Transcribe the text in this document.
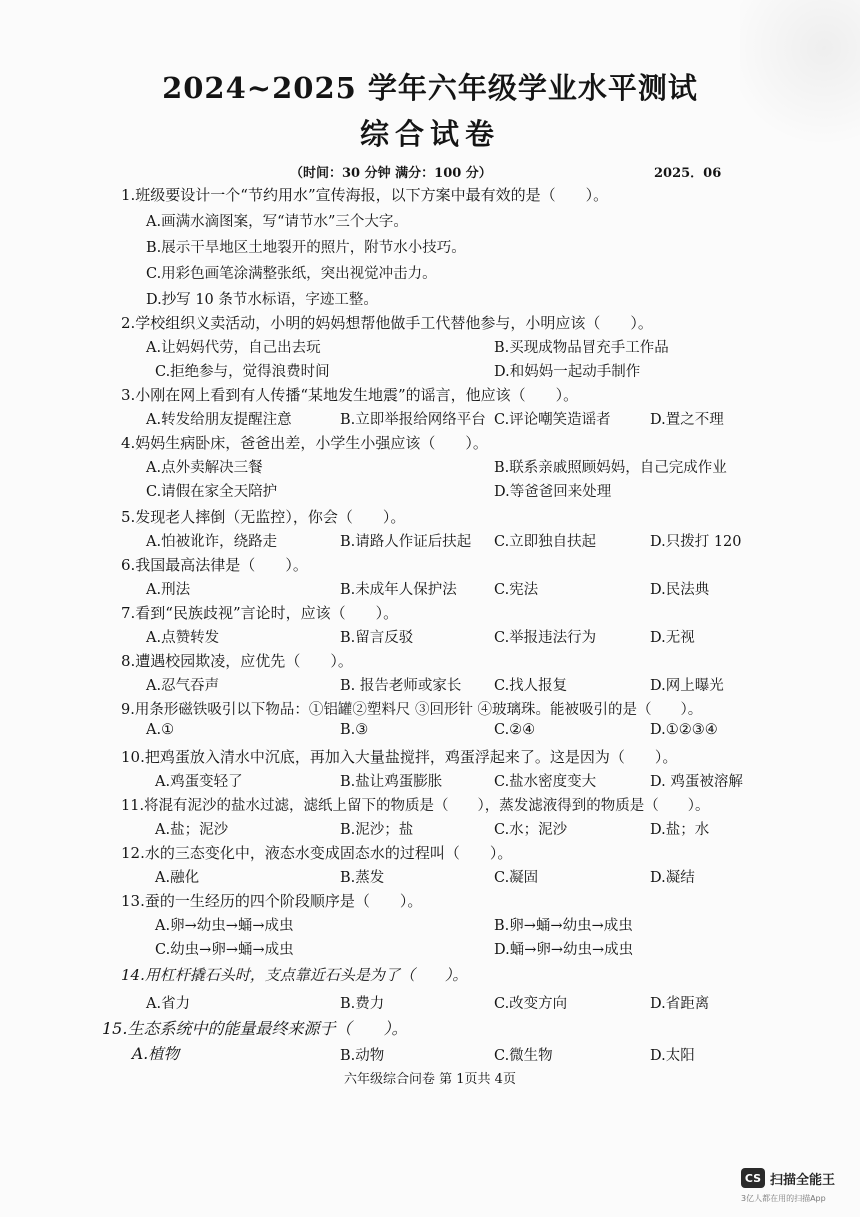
2024~2025 学年六年级学业水平测试
综合试卷
（时间：30 分钟 满分：100 分）	2025．06
1.班级要设计一个“节约用水”宣传海报，以下方案中最有效的是（　　）。
A.画满水滴图案，写“请节水”三个大字。
B.展示干旱地区土地裂开的照片，附节水小技巧。
C.用彩色画笔涂满整张纸，突出视觉冲击力。
D.抄写 10 条节水标语，字迹工整。
2.学校组织义卖活动，小明的妈妈想帮他做手工代替他参与，小明应该（　　）。
A.让妈妈代劳，自己出去玩	B.买现成物品冒充手工作品
C.拒绝参与，觉得浪费时间	D.和妈妈一起动手制作
3.小刚在网上看到有人传播“某地发生地震”的谣言，他应该（　　）。
A.转发给朋友提醒注意	B.立即举报给网络平台 C.评论嘲笑造谣者	D.置之不理
4.妈妈生病卧床，爸爸出差，小学生小强应该（　　）。
A.点外卖解决三餐	B.联系亲戚照顾妈妈，自己完成作业
C.请假在家全天陪护	D.等爸爸回来处理
5.发现老人摔倒（无监控），你会（　　）。
A.怕被讹诈，绕路走	B.请路人作证后扶起 C.立即独自扶起	D.只拨打 120
6.我国最高法律是（　　）。
A.刑法	B.未成年人保护法	C.宪法	D.民法典
7.看到“民族歧视”言论时，应该（　　）。
A.点赞转发	B.留言反驳	C.举报违法行为	D.无视
8.遭遇校园欺凌，应优先（　　）。
A.忍气吞声	B. 报告老师或家长 C.找人报复	D.网上曝光
9.用条形磁铁吸引以下物品：①铝罐②塑料尺 ③回形针 ④玻璃珠。能被吸引的是（　　）。
A.①	B.③	C.②④	D.①②③④
10.把鸡蛋放入清水中沉底，再加入大量盐搅拌，鸡蛋浮起来了。这是因为（　　）。
A.鸡蛋变轻了	B.盐让鸡蛋膨胀	C.盐水密度变大	D. 鸡蛋被溶解
11.将混有泥沙的盐水过滤，滤纸上留下的物质是（　　），蒸发滤液得到的物质是（　　）。
A.盐；泥沙	B.泥沙；盐	C.水；泥沙	D.盐；水
12.水的三态变化中，液态水变成固态水的过程叫（　　）。
A.融化	B.蒸发	C.凝固	D.凝结
13.蚕的一生经历的四个阶段顺序是（　　）。
A.卵→幼虫→蛹→成虫	B.卵→蛹→幼虫→成虫
C.幼虫→卵→蛹→成虫	D.蛹→卵→幼虫→成虫
14.用杠杆撬石头时，支点靠近石头是为了（　　）。
A.省力	B.费力	C.改变方向	D.省距离
15.生态系统中的能量最终来源于（　　）。
A.植物	B.动物	C.微生物	D.太阳
六年级综合问卷 第 1页共 4页
CS 扫描全能王
3亿人都在用的扫描App
